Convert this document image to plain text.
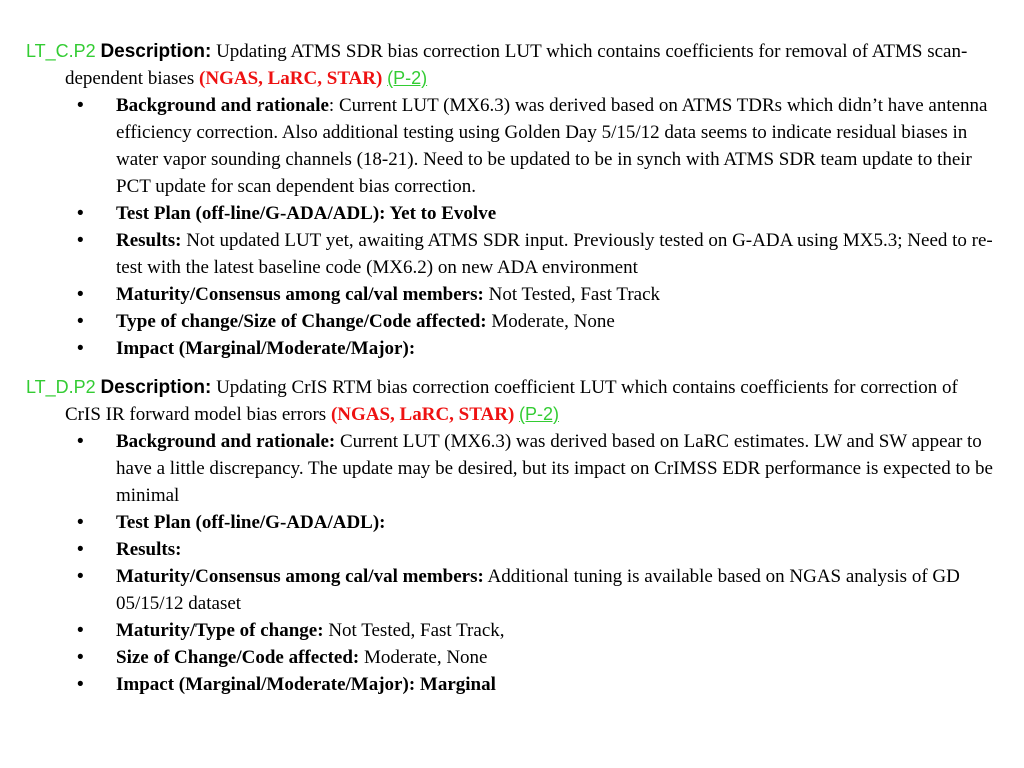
LT_C.P2 Description: Updating ATMS SDR bias correction LUT which contains coefficients for removal of ATMS scan-dependent biases (NGAS, LaRC, STAR) (P-2)

• Background and rationale: Current LUT (MX6.3) was derived based on ATMS TDRs which didn’t have antenna efficiency correction. Also additional testing using Golden Day 5/15/12 data seems to indicate residual biases in water vapor sounding channels (18-21). Need to be updated to be in synch with ATMS SDR team update to their PCT update for scan dependent bias correction.
• Test Plan (off-line/G-ADA/ADL): Yet to Evolve
• Results: Not updated LUT yet, awaiting ATMS SDR input. Previously tested on G-ADA using MX5.3; Need to re-test with the latest baseline code (MX6.2) on new ADA environment
• Maturity/Consensus among cal/val members: Not Tested, Fast Track
• Type of change/Size of Change/Code affected: Moderate, None
• Impact (Marginal/Moderate/Major):

LT_D.P2 Description: Updating CrIS RTM bias correction coefficient LUT which contains coefficients for correction of CrIS IR forward model bias errors (NGAS, LaRC, STAR) (P-2)

• Background and rationale: Current LUT (MX6.3) was derived based on LaRC estimates. LW and SW appear to have a little discrepancy. The update may be desired, but its impact on CrIMSS EDR performance is expected to be minimal
• Test Plan (off-line/G-ADA/ADL):
• Results:
• Maturity/Consensus among cal/val members: Additional tuning is available based on NGAS analysis of GD 05/15/12 dataset
• Maturity/Type of change: Not Tested, Fast Track,
• Size of Change/Code affected: Moderate, None
• Impact (Marginal/Moderate/Major): Marginal
